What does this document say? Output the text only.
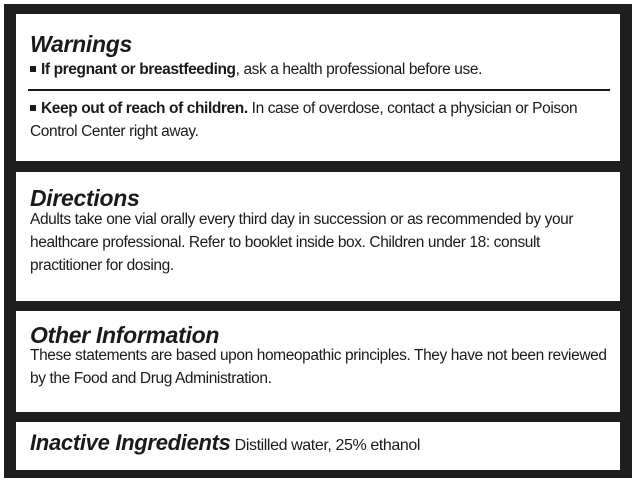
Warnings
If pregnant or breastfeeding, ask a health professional before use.
Keep out of reach of children. In case of overdose, contact a physician or Poison Control Center right away.
Directions
Adults take one vial orally every third day in succession or as recommended by your healthcare professional. Refer to booklet inside box. Children under 18: consult practitioner for dosing.
Other Information
These statements are based upon homeopathic principles. They have not been reviewed by the Food and Drug Administration.
Inactive Ingredients Distilled water, 25% ethanol
